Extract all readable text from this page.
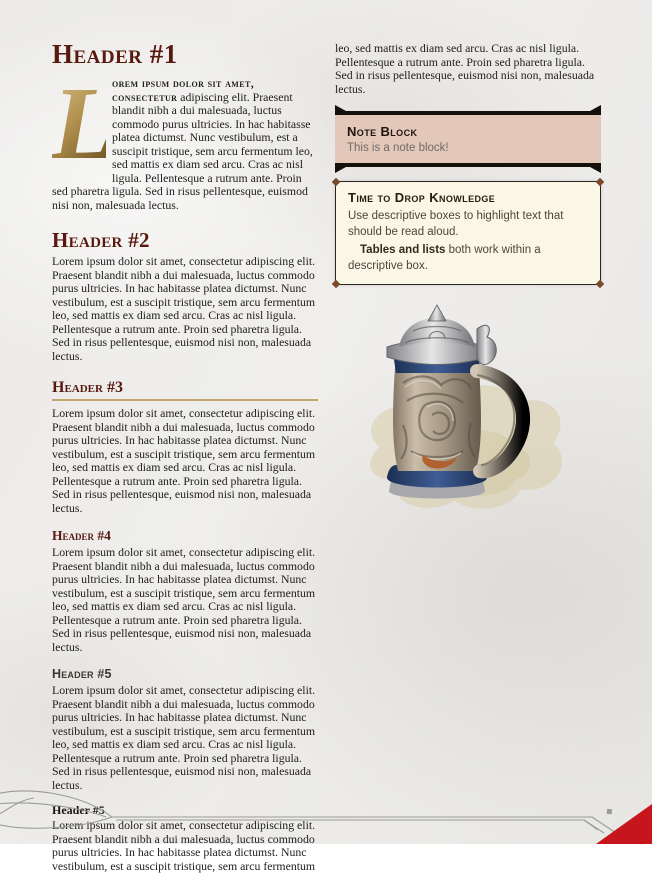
Header #1

L
orem ipsum dolor sit amet, consectetur adipiscing elit. Praesent blandit nibh a dui malesuada, luctus commodo purus ultricies. In hac habitasse platea dictumst. Nunc vestibulum, est a suscipit tristique, sem arcu fermentum leo, sed mattis ex diam sed arcu. Cras ac nisl ligula. Pellentesque a rutrum ante. Proin sed pharetra ligula. Sed in risus pellentesque, euismod nisi non, malesuada lectus.

Header #2

Lorem ipsum dolor sit amet, consectetur adipiscing elit. Praesent blandit nibh a dui malesuada, luctus commodo purus ultricies. In hac habitasse platea dictumst. Nunc vestibulum, est a suscipit tristique, sem arcu fermentum leo, sed mattis ex diam sed arcu. Cras ac nisl ligula. Pellentesque a rutrum ante. Proin sed pharetra ligula. Sed in risus pellentesque, euismod nisi non, malesuada lectus.

Header #3

Lorem ipsum dolor sit amet, consectetur adipiscing elit. Praesent blandit nibh a dui malesuada, luctus commodo purus ultricies. In hac habitasse platea dictumst. Nunc vestibulum, est a suscipit tristique, sem arcu fermentum leo, sed mattis ex diam sed arcu. Cras ac nisl ligula. Pellentesque a rutrum ante. Proin sed pharetra ligula. Sed in risus pellentesque, euismod nisi non, malesuada lectus.

Header #4

Lorem ipsum dolor sit amet, consectetur adipiscing elit. Praesent blandit nibh a dui malesuada, luctus commodo purus ultricies. In hac habitasse platea dictumst. Nunc vestibulum, est a suscipit tristique, sem arcu fermentum leo, sed mattis ex diam sed arcu. Cras ac nisl ligula. Pellentesque a rutrum ante. Proin sed pharetra ligula. Sed in risus pellentesque, euismod nisi non, malesuada lectus.

Header #5

Lorem ipsum dolor sit amet, consectetur adipiscing elit. Praesent blandit nibh a dui malesuada, luctus commodo purus ultricies. In hac habitasse platea dictumst. Nunc vestibulum, est a suscipit tristique, sem arcu fermentum leo, sed mattis ex diam sed arcu. Cras ac nisl ligula. Pellentesque a rutrum ante. Proin sed pharetra ligula. Sed in risus pellentesque, euismod nisi non, malesuada lectus.

Header #5

Lorem ipsum dolor sit amet, consectetur adipiscing elit. Praesent blandit nibh a dui malesuada, luctus commodo purus ultricies. In hac habitasse platea dictumst. Nunc vestibulum, est a suscipit tristique, sem arcu fermentum

leo, sed mattis ex diam sed arcu. Cras ac nisl ligula. Pellentesque a rutrum ante. Proin sed pharetra ligula. Sed in risus pellentesque, euismod nisi non, malesuada lectus.

Note Block

This is a note block!

Time to Drop Knowledge

Use descriptive boxes to highlight text that should be read aloud.

Tables and lists both work within a descriptive box.
